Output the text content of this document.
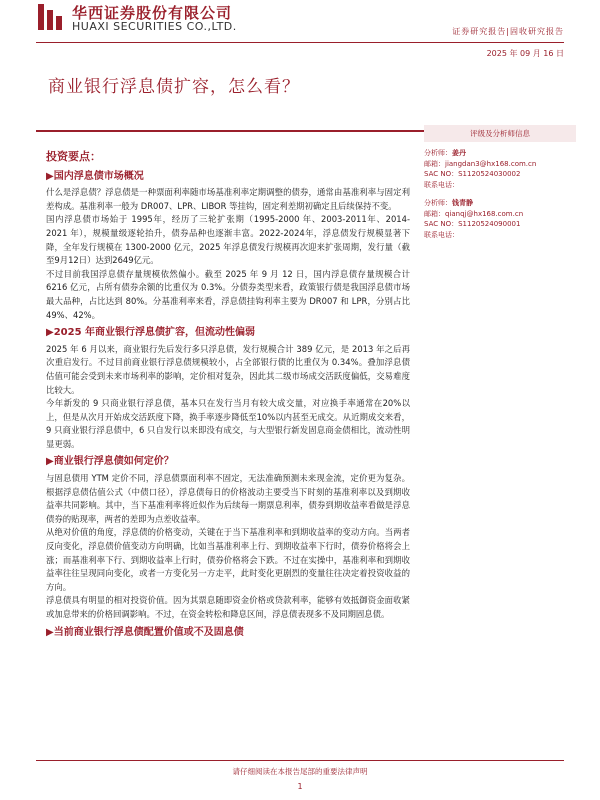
华西证券股份有限公司
HUAXI SECURITIES CO.,LTD.	证券研究报告|固收研究报告
2025 年 09 月 16 日
商业银行浮息债扩容，怎么看？
投资要点：
▶国内浮息债市场概况

什么是浮息债？浮息债是一种票面利率随市场基准利率定期调整的债券，通常由基准利率与固定利差构成。基准利率一般为 DR007、LPR、LIBOR 等挂钩，固定利差期初确定且后续保持不变。

国内浮息债市场始于 1995年，经历了三轮扩张期（1995-2000 年、2003-2011年、2014-2021 年），规模量级逐轮抬升，债券品种也逐渐丰富。2022-2024年，浮息债发行规模显著下降，全年发行规模在 1300-2000 亿元，2025 年浮息债发行规模再次迎来扩张周期，发行量（截至9月12日）达到2649亿元。

不过目前我国浮息债存量规模依然偏小。截至 2025 年 9 月 12 日，国内浮息债存量规模合计 6216 亿元，占所有债券余额的比重仅为 0.3%。分债券类型来看，政策银行债是我国浮息债市场最大品种，占比达到 80%。分基准利率来看，浮息债挂钩利率主要为 DR007 和 LPR，分别占比 49%、42%。

▶2025 年商业银行浮息债扩容，但流动性偏弱

2025 年 6 月以来，商业银行先后发行多只浮息债，发行规模合计 389 亿元，是 2013 年之后再次重启发行。不过目前商业银行浮息债规模较小，占全部银行债的比重仅为 0.34%。叠加浮息债估值可能会受到未来市场利率的影响，定价相对复杂，因此其二级市场成交活跃度偏低，交易难度比较大。

今年新发的 9 只商业银行浮息债，基本只在发行当月有较大成交量，对应换手率通常在20%以上，但是从次月开始成交活跃度下降，换手率逐步降低至10%以内甚至无成交。从近期成交来看，9 只商业银行浮息债中，6 只自发行以来即没有成交，与大型银行新发固息商金债相比，流动性明显更弱。

▶商业银行浮息债如何定价？

与固息债用 YTM 定价不同，浮息债票面利率不固定，无法准确预测未来现金流，定价更为复杂。根据浮息债估值公式（中债口径），浮息债每日的价格波动主要受当下时刻的基准利率以及到期收益率共同影响。其中，当下基准利率将近似作为后续每一期票息利率，债券到期收益率看做是浮息债券的贴现率，两者的差即为点差收益率。

从绝对价值的角度，浮息债的价格变动，关键在于当下基准利率和到期收益率的变动方向。当两者反向变化，浮息债价值变动方向明确，比如当基准利率上行、到期收益率下行时，债券价格将会上涨；而基准利率下行、到期收益率上行时，债券价格将会下跌。不过在实操中，基准利率和到期收益率往往呈现同向变化，或者一方变化另一方走平，此时变化更剧烈的变量往往决定着投资收益的方向。

浮息债具有明显的相对投资价值。因为其票息随即资金价格或贷款利率，能够有效抵御资金面收紧或加息带来的价格回调影响。不过，在资金转松和降息区间，浮息债表现多不及同期固息债。

▶当前商业银行浮息债配置价值或不及固息债
评级及分析师信息
分析师：姜丹
邮箱：jiangdan3@hx168.com.cn
SAC NO：S1120524030002
联系电话：
分析师：钱青静
邮箱：qianqj@hx168.com.cn
SAC NO：S1120524090001
联系电话：
请仔细阅读在本报告尾部的重要法律声明
1
